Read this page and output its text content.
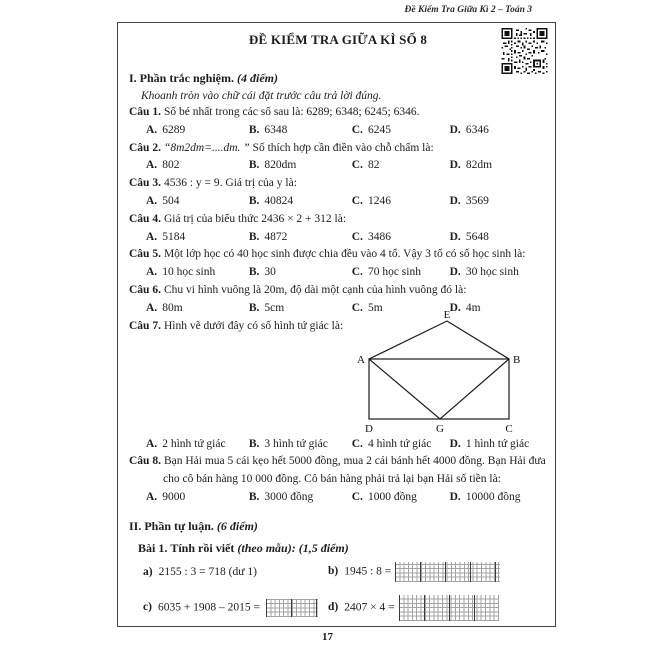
Đề Kiểm Tra Giữa Kì 2 – Toán 3
ĐỀ KIỂM TRA GIỮA KÌ SỐ 8
I. Phần trắc nghiệm. (4 điểm)
Khoanh tròn vào chữ cái đặt trước câu trả lời đúng.
Câu 1. Số bé nhất trong các số sau là: 6289; 6348; 6245; 6346.
A. 6289	B. 6348	C. 6245	D. 6346
Câu 2. “8m2dm=....dm. ” Số thích hợp cần điền vào chỗ chấm là:
A. 802	B. 820dm	C. 82	D. 82dm
Câu 3. 4536 : y = 9. Giá trị của y là:
A. 504	B. 40824	C. 1246	D. 3569
Câu 4. Giá trị của biểu thức 2436 × 2 + 312 là:
A. 5184	B. 4872	C. 3486	D. 5648
Câu 5. Một lớp học có 40 học sinh được chia đều vào 4 tổ. Vậy 3 tổ có số học sinh là:
A. 10 học sinh	B. 30	C. 70 học sinh D. 30 học sinh
Câu 6. Chu vi hình vuông là 20m, độ dài một cạnh của hình vuông đó là:
A. 80m	B. 5cm	C. 5m	D. 4m
Câu 7. Hình vẽ dưới đây có số hình tứ giác là:
E
A	B
D	G	C
A. 2 hình tứ giác B. 3 hình tứ giác C. 4 hình tứ giác D. 1 hình tứ giác
Câu 8. Bạn Hải mua 5 cái kẹo hết 5000 đồng, mua 2 cái bánh hết 4000 đồng. Bạn Hải đưa
cho cô bán hàng 10 000 đồng. Cô bán hàng phải trả lại bạn Hải số tiền là:
A. 9000	B. 3000 đồng	C. 1000 đồng	D. 10000 đồng
II. Phần tự luận. (6 điểm)
Bài 1. Tính rồi viết (theo mẫu): (1,5 điểm)
a) 2155 : 3 = 718 (dư 1)	b) 1945 : 8 =
c) 6035 + 1908 – 2015 =	d) 2407 × 4 =
17
